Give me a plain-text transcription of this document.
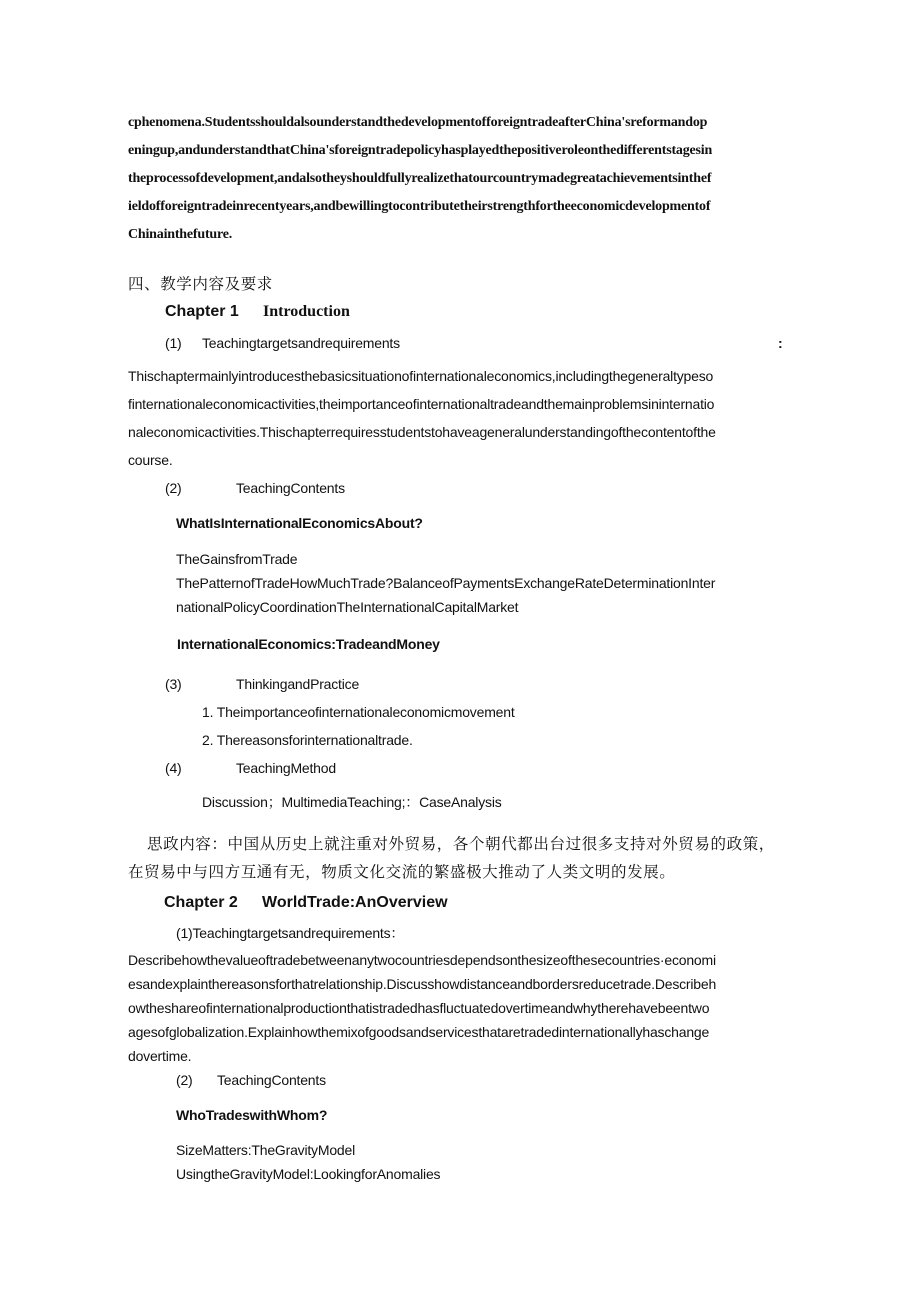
cphenomena.StudentsshouldalsounderstandthedevelopmentofforeigntradeafterChina'sreformandop
eningup,andunderstandthatChina'sforeigntradepolicyhasplayedthepositiveroleonthedifferentstagesin
theprocessofdevelopment,andalsotheyshouldfullyrealizethatourcountrymadegreatachievementsinthef
ieldofforeigntradeinrecentyears,andbewillingtocontributetheirstrengthfortheeconomicdevelopmentof
Chinainthefuture.
四、教学内容及要求
Chapter 1 Introduction
(1) Teachingtargetsandrequirements	:
Thischaptermainlyintroducesthebasicsituationofinternationaleconomics,includingthegeneraltypeso
finternationaleconomicactivities,theimportanceofinternationaltradeandthemainproblemsininternatio
naleconomicactivities.Thischapterrequiresstudentstohaveageneralunderstandingofthecontentofthe
course.
(2)	TeachingContents
WhatIsInternationalEconomicsAbout?
TheGainsfromTrade
ThePatternofTradeHowMuchTrade?BalanceofPaymentsExchangeRateDeterminationInter
nationalPolicyCoordinationTheInternationalCapitalMarket
InternationalEconomics:TradeandMoney
(3)	ThinkingandPractice
1. Theimportanceofinternationaleconomicmovement
2. Thereasonsforinternationaltrade.
(4)	TeachingMethod
Discussion；MultimediaTeaching;：CaseAnalysis
思政内容：中国从历史上就注重对外贸易，各个朝代都出台过很多支持对外贸易的政策，
在贸易中与四方互通有无，物质文化交流的繁盛极大推动了人类文明的发展。
Chapter 2 WorldTrade:AnOverview
(1)Teachingtargetsandrequirements：
Describehowthevalueoftradebetweenanytwocountriesdependsonthesizeofthesecountries·economi
esandexplainthereasonsforthatrelationship.Discusshowdistanceandbordersreducetrade.Describeh
owtheshareofinternationalproductionthatistradedhasfluctuatedovertimeandwhytherehavebeentwo
agesofglobalization.Explainhowthemixofgoodsandservicesthataretradedinternationallyhaschange
dovertime.
(2) TeachingContents
WhoTradeswithWhom?
SizeMatters:TheGravityModel
UsingtheGravityModel:LookingforAnomalies
